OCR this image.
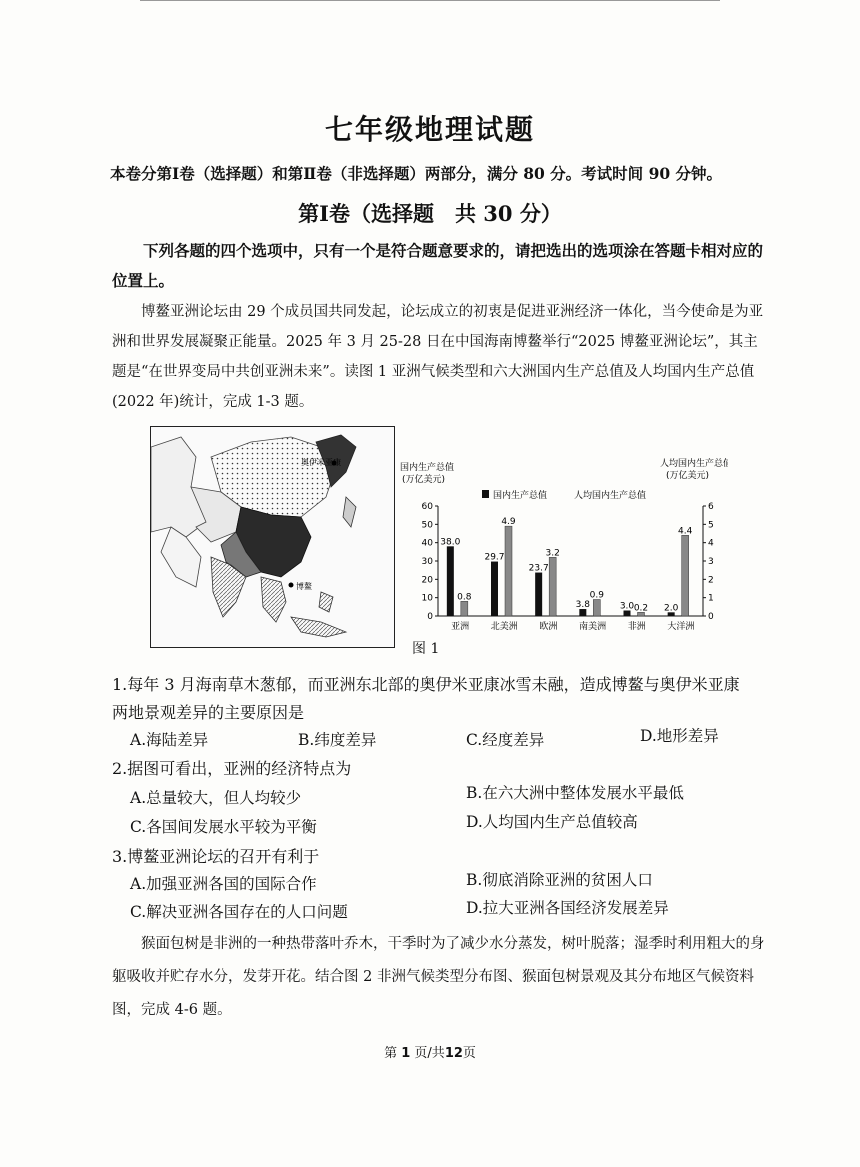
七年级地理试题
本卷分第Ⅰ卷（选择题）和第Ⅱ卷（非选择题）两部分，满分 80 分。考试时间 90 分钟。
第Ⅰ卷（选择题　共 30 分）
下列各题的四个选项中，只有一个是符合题意要求的，请把选出的选项涂在答题卡相对应的位置上。
博鳌亚洲论坛由 29 个成员国共同发起，论坛成立的初衷是促进亚洲经济一体化，当今使命是为亚洲和世界发展凝聚正能量。2025 年 3 月 25-28 日在中国海南博鳌举行“2025 博鳌亚洲论坛”，其主题是“在世界变局中共创亚洲未来”。读图 1 亚洲气候类型和六大洲国内生产总值及人均国内生产总值(2022 年)统计，完成 1-3 题。
奥伊米亚康
博鳌
国内生产总值
(万亿美元)
人均国内生产总值
(万亿美元)
国内生产总值	人均国内生产总值
0
10
20
30
40
50
60
0
1
2
3
4
5
6
38.0
0.8
亚洲
29.7
4.9
北美洲
23.7
3.2
欧洲
3.8
0.9
南美洲
3.0 0.2
非洲
2.0
4.4
大洋洲
图 1
1.每年 3 月海南草木葱郁，而亚洲东北部的奥伊米亚康冰雪未融，造成博鳌与奥伊米亚康
两地景观差异的主要原因是
A.海陆差异	B.纬度差异	C.经度差异	D.地形差异
2.据图可看出，亚洲的经济特点为
A.总量较大，但人均较少	B.在六大洲中整体发展水平最低
C.各国间发展水平较为平衡	D.人均国内生产总值较高
3.博鳌亚洲论坛的召开有利于
A.加强亚洲各国的国际合作	B.彻底消除亚洲的贫困人口
C.解决亚洲各国存在的人口问题	D.拉大亚洲各国经济发展差异
猴面包树是非洲的一种热带落叶乔木，干季时为了减少水分蒸发，树叶脱落；湿季时利用粗大的身躯吸收并贮存水分，发芽开花。结合图 2 非洲气候类型分布图、猴面包树景观及其分布地区气候资料图，完成 4-6 题。
第 1 页/共12页
